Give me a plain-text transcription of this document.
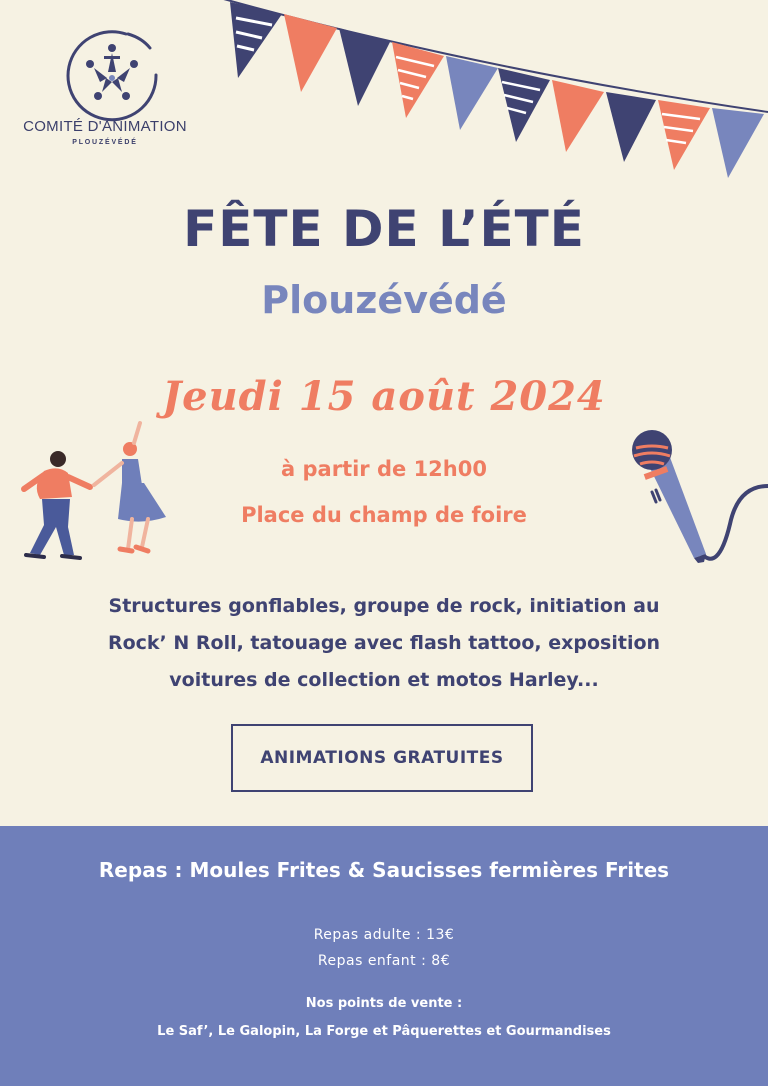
COMITÉ D'ANIMATION
PLOUZÉVÉDÉ
FÊTE DE L’ÉTÉ
Plouzévédé
Jeudi 15 août 2024
à partir de 12h00
Place du champ de foire
Structures gonflables, groupe de rock, initiation au
Rock’ N Roll, tatouage avec flash tattoo, exposition
voitures de collection et motos Harley...
ANIMATIONS GRATUITES
Repas : Moules Frites & Saucisses fermières Frites
Repas adulte : 13€
Repas enfant : 8€
Nos points de vente :
Le Saf’, Le Galopin, La Forge et Pâquerettes et Gourmandises
